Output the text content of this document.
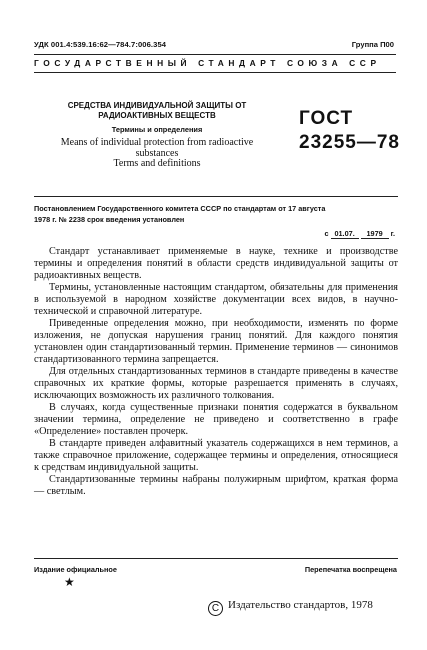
УДК 001.4:539.16:62—784.7:006.354	Группа П00
ГОСУДАРСТВЕННЫЙ СТАНДАРТ СОЮЗА ССР
СРЕДСТВА ИНДИВИДУАЛЬНОЙ ЗАЩИТЫ ОТ
РАДИОАКТИВНЫХ ВЕЩЕСТВ
Термины и определения
Means of individual protection from radioactive
substances
Terms and definitions
ГОСТ
23255—78
Постановлением Государственного комитета СССР по стандартам от 17 августа
1978 г. № 2238 срок введения установлен
с 01.07. 1979 г.

Стандарт устанавливает применяемые в науке, технике и производстве термины и определения понятий в области средств индивидуальной защиты от радиоактивных веществ.

Термины, установленные настоящим стандартом, обязательны для применения в используемой в народном хозяйстве документации всех видов, в научно-технической и справочной литературе.

Приведенные определения можно, при необходимости, изменять по форме изложения, не допуская нарушения границ понятий. Для каждого понятия установлен один стандартизованный термин. Применение терминов — синонимов стандартизованного термина запрещается.

Для отдельных стандартизованных терминов в стандарте приведены в качестве справочных их краткие формы, которые разрешается применять в случаях, исключающих возможность их различного толкования.

В случаях, когда существенные признаки понятия содержатся в буквальном значении термина, определение не приведено и соответственно в графе «Определение» поставлен прочерк.

В стандарте приведен алфавитный указатель содержащихся в нем терминов, а также справочное приложение, содержащее термины и определения, относящиеся к средствам индивидуальной защиты.

Стандартизованные термины набраны полужирным шрифтом, краткая форма — светлым.

Издание официальное	Перепечатка воспрещена
★
C Издательство стандартов, 1978
